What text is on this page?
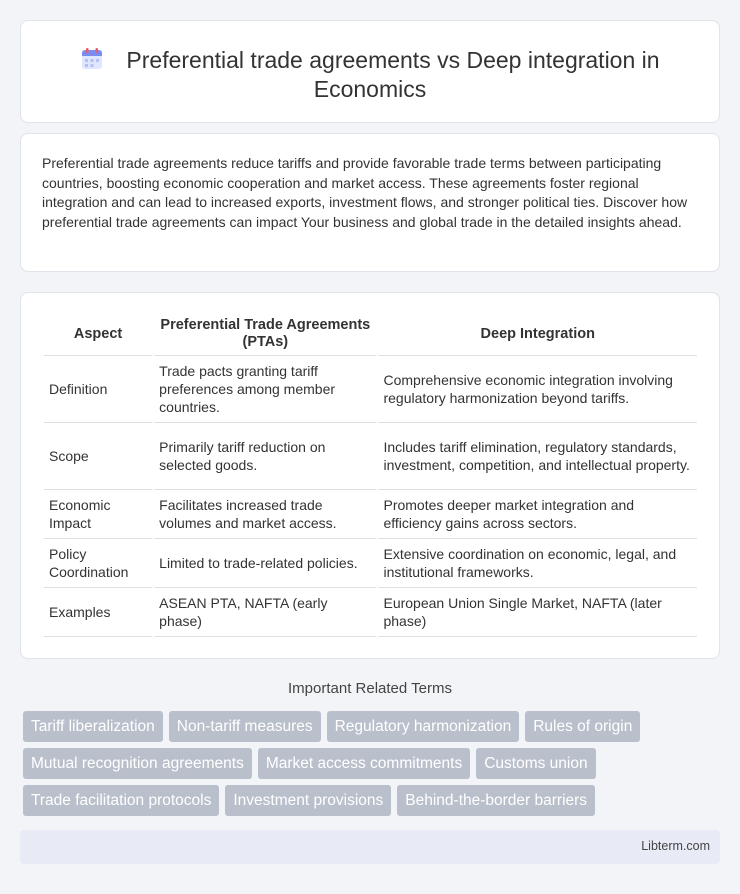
Preferential trade agreements vs Deep integration in Economics

Preferential trade agreements reduce tariffs and provide favorable trade terms between participating countries, boosting economic cooperation and market access. These agreements foster regional integration and can lead to increased exports, investment flows, and stronger political ties. Discover how preferential trade agreements can impact Your business and global trade in the detailed insights ahead.

Aspect	Preferential Trade Agreements (PTAs)	Deep Integration
Definition	Trade pacts granting tariff preferences among member countries.	Comprehensive economic integration involving regulatory harmonization beyond tariffs.
Scope	Primarily tariff reduction on selected goods.	Includes tariff elimination, regulatory standards, investment, competition, and intellectual property.
Economic Impact	Facilitates increased trade volumes and market access.	Promotes deeper market integration and efficiency gains across sectors.
Policy Coordination	Limited to trade-related policies.	Extensive coordination on economic, legal, and institutional frameworks.
Examples	ASEAN PTA, NAFTA (early phase)	European Union Single Market, NAFTA (later phase)
Important Related Terms
Tariff liberalization	Non-tariff measures	Regulatory harmonization	Rules of origin
Mutual recognition agreements	Market access commitments	Customs union
Trade facilitation protocols	Investment provisions	Behind-the-border barriers
Libterm.com
